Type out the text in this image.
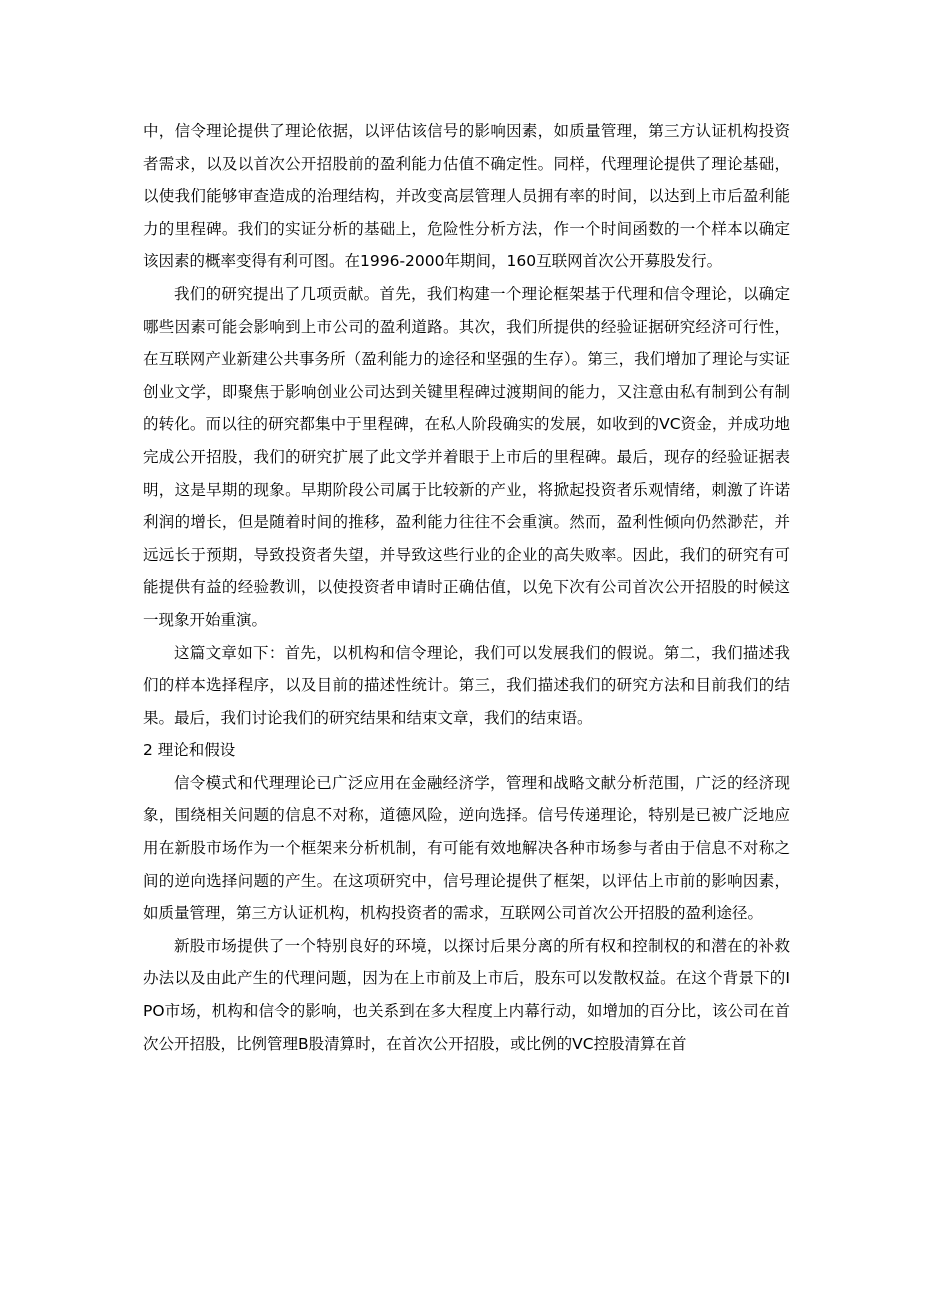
中，信令理论提供了理论依据，以评估该信号的影响因素，如质量管理，第三方认证机构投资者需求，以及以首次公开招股前的盈利能力估值不确定性。同样，代理理论提供了理论基础，以使我们能够审查造成的治理结构，并改变高层管理人员拥有率的时间，以达到上市后盈利能力的里程碑。我们的实证分析的基础上，危险性分析方法，作一个时间函数的一个样本以确定该因素的概率变得有利可图。在1996-2000年期间，160互联网首次公开募股发行。

我们的研究提出了几项贡献。首先，我们构建一个理论框架基于代理和信令理论，以确定哪些因素可能会影响到上市公司的盈利道路。其次，我们所提供的经验证据研究经济可行性，在互联网产业新建公共事务所（盈利能力的途径和坚强的生存）。第三，我们增加了理论与实证创业文学，即聚焦于影响创业公司达到关键里程碑过渡期间的能力，又注意由私有制到公有制的转化。而以往的研究都集中于里程碑，在私人阶段确实的发展，如收到的VC资金，并成功地完成公开招股，我们的研究扩展了此文学并着眼于上市后的里程碑。最后，现存的经验证据表明，这是早期的现象。早期阶段公司属于比较新的产业，将掀起投资者乐观情绪，刺激了许诺利润的增长，但是随着时间的推移，盈利能力往往不会重演。然而，盈利性倾向仍然渺茫，并远远长于预期，导致投资者失望，并导致这些行业的企业的高失败率。因此，我们的研究有可能提供有益的经验教训，以使投资者申请时正确估值，以免下次有公司首次公开招股的时候这一现象开始重演。

这篇文章如下：首先，以机构和信令理论，我们可以发展我们的假说。第二，我们描述我们的样本选择程序，以及目前的描述性统计。第三，我们描述我们的研究方法和目前我们的结果。最后，我们讨论我们的研究结果和结束文章，我们的结束语。

2 理论和假设

信令模式和代理理论已广泛应用在金融经济学，管理和战略文献分析范围，广泛的经济现象，围绕相关问题的信息不对称，道德风险，逆向选择。信号传递理论，特别是已被广泛地应用在新股市场作为一个框架来分析机制，有可能有效地解决各种市场参与者由于信息不对称之间的逆向选择问题的产生。在这项研究中，信号理论提供了框架，以评估上市前的影响因素，如质量管理，第三方认证机构，机构投资者的需求，互联网公司首次公开招股的盈利途径。

新股市场提供了一个特别良好的环境，以探讨后果分离的所有权和控制权的和潜在的补救办法以及由此产生的代理问题，因为在上市前及上市后，股东可以发散权益。在这个背景下的IPO市场，机构和信令的影响，也关系到在多大程度上内幕行动，如增加的百分比，该公司在首次公开招股，比例管理B股清算时，在首次公开招股，或比例的VC控股清算在首
